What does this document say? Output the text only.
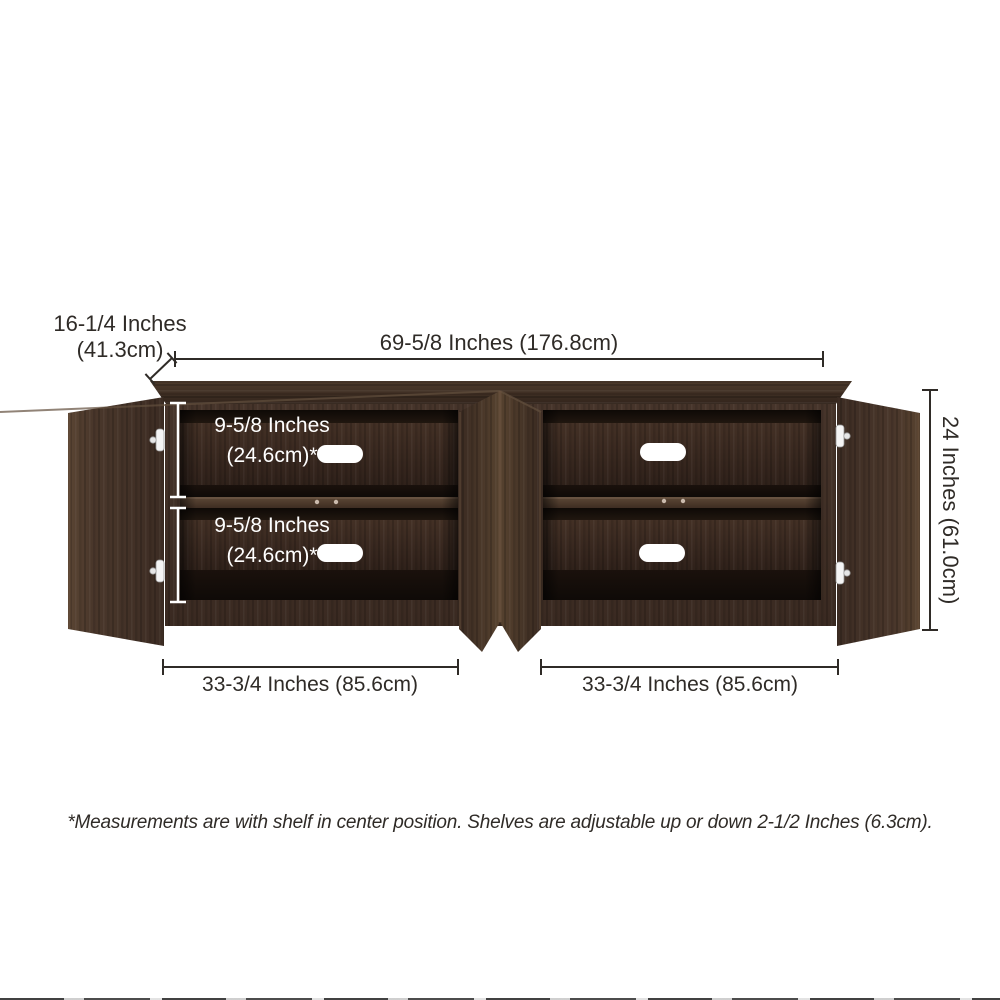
16-1/4 Inches
(41.3cm)	69-5/8 Inches (176.8cm)
9-5/8 Inches
(24.6cm)*
9-5/8 Inches
(24.6cm)*	24 Inches (61.0cm)
33-3/4 Inches (85.6cm)	33-3/4 Inches (85.6cm)
*Measurements are with shelf in center position. Shelves are adjustable up or down 2-1/2 Inches (6.3cm).
